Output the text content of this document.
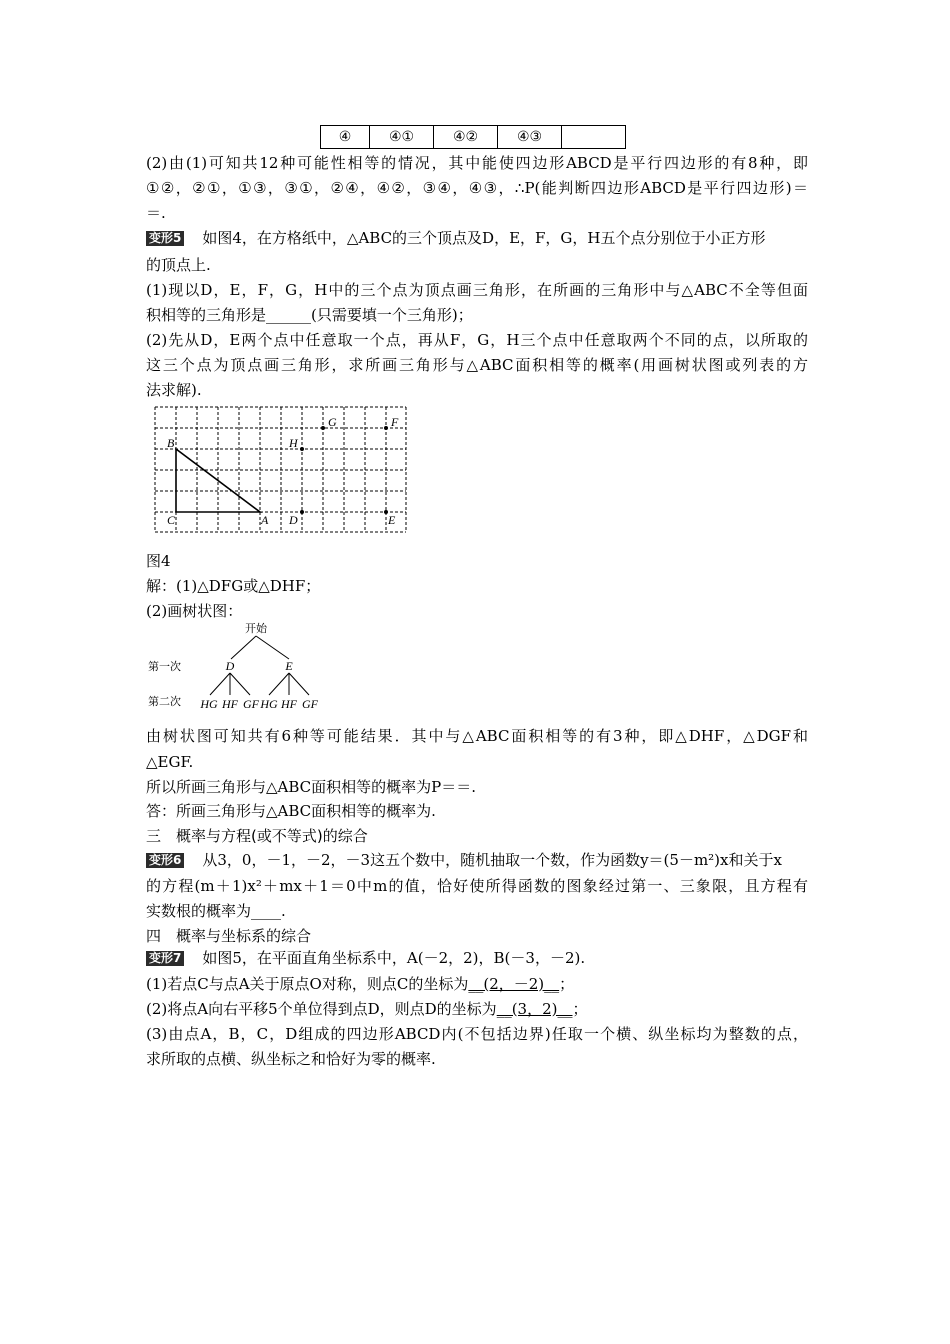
④	④①	④②	④③	
(2)由(1)可知共12种可能性相等的情况，其中能使四边形ABCD是平行四边形的有8种，即
①②，②①，①③，③①，②④，④②，③④，④③，∴P(能判断四边形ABCD是平行四边形)＝
＝.
变形5 如图4，在方格纸中，△ABC的三个顶点及D，E，F，G，H五个点分别位于小正方形
的顶点上.
(1)现以D，E，F，G，H中的三个点为顶点画三角形，在所画的三角形中与△ABC不全等但面
积相等的三角形是______(只需要填一个三角形)；
(2)先从D，E两个点中任意取一个点，再从F，G，H三个点中任意取两个不同的点，以所取的
这三个点为顶点画三角形，求所画三角形与△ABC面积相等的概率(用画树状图或列表的方
法求解).
B
C	A
G	F
H
D	E
图4
解：(1)△DFG或△DHF；
(2)画树状图：
开始
第一次
第二次
D	E
HG HF GF HG HF GF
由树状图可知共有6种等可能结果．其中与△ABC面积相等的有3种，即△DHF，△DGF和
△EGF.
所以所画三角形与△ABC面积相等的概率为P＝＝.
答：所画三角形与△ABC面积相等的概率为.
三　概率与方程(或不等式)的综合
变形6 从3，0，－1，－2，－3这五个数中，随机抽取一个数，作为函数y＝(5－m²)x和关于x
的方程(m＋1)x²＋mx＋1＝0中m的值，恰好使所得函数的图象经过第一、三象限，且方程有
实数根的概率为____.
四　概率与坐标系的综合
变形7 如图5，在平面直角坐标系中，A(－2，2)，B(－3，－2).
(1)若点C与点A关于原点O对称，则点C的坐标为__(2，－2)__；
(2)将点A向右平移5个单位得到点D，则点D的坐标为__(3，2)__；
(3)由点A，B，C，D组成的四边形ABCD内(不包括边界)任取一个横、纵坐标均为整数的点，
求所取的点横、纵坐标之和恰好为零的概率.
